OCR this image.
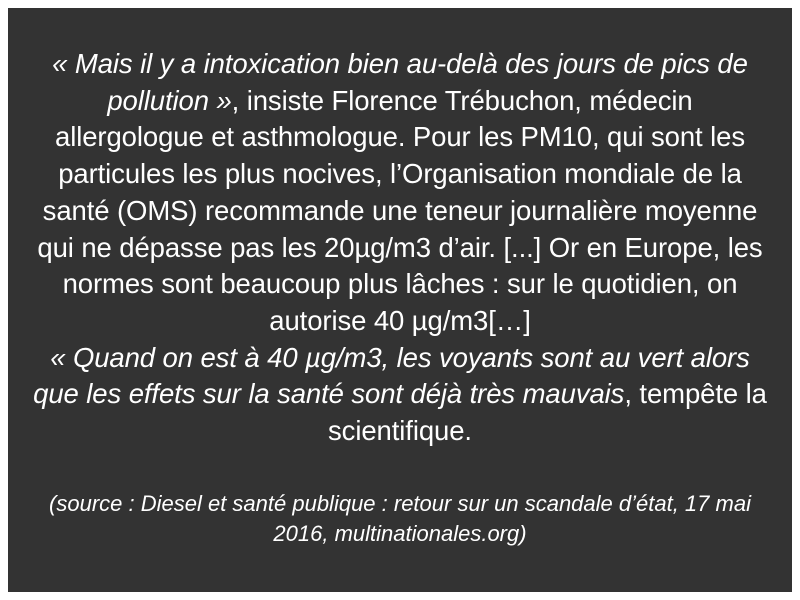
« Mais il y a intoxication bien au-delà des jours de pics de pollution », insiste Florence Trébuchon, médecin allergologue et asthmologue. Pour les PM10, qui sont les particules les plus nocives, l’Organisation mondiale de la santé (OMS) recommande une teneur journalière moyenne qui ne dépasse pas les 20µg/m3 d’air. [...] Or en Europe, les normes sont beaucoup plus lâches : sur le quotidien, on autorise 40 µg/m3[…]
« Quand on est à 40 µg/m3, les voyants sont au vert alors que les effets sur la santé sont déjà très mauvais, tempête la scientifique.
(source : Diesel et santé publique : retour sur un scandale d’état, 17 mai 2016, multinationales.org)
